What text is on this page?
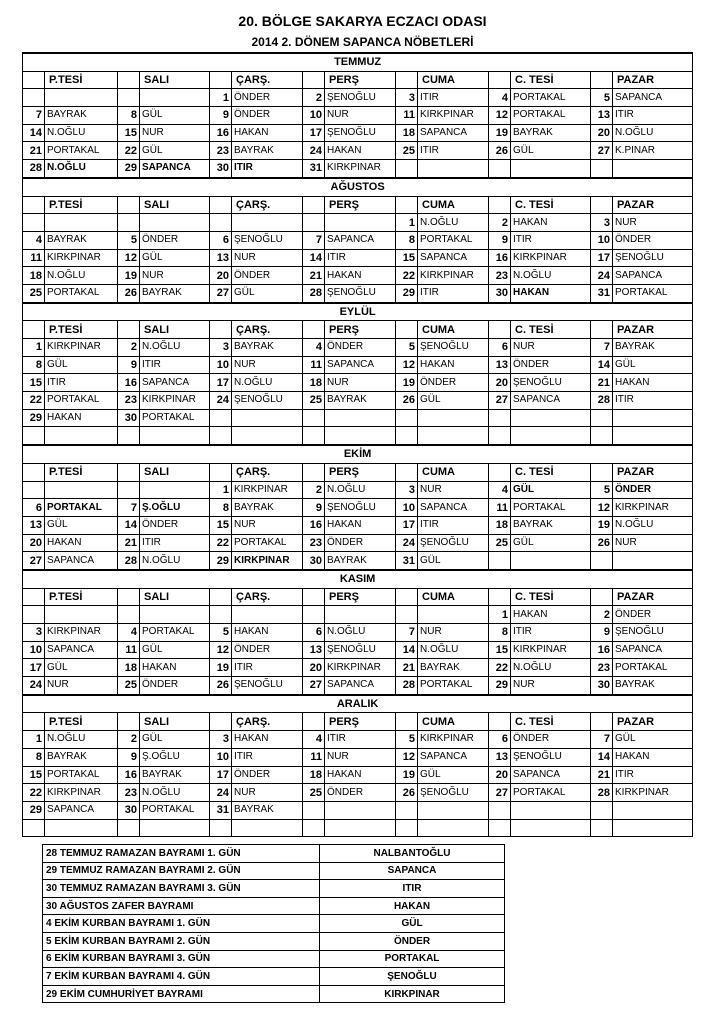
20. BÖLGE SAKARYA ECZACI ODASI
2014 2. DÖNEM SAPANCA NÖBETLERİ
TEMMUZ														
	P.TESİ		SALI		ÇARŞ.		PERŞ		CUMA		C. TESİ		PAZAR	
				1	ÖNDER	2	ŞENOĞLU	3	ITIR	4	PORTAKAL	5	SAPANCA		
7	BAYRAK	8	GÜL	9	ÖNDER	10	NUR	11	KIRKPINAR	12	PORTAKAL	13	ITIR	
14	N.OĞLU	15	NUR	16	HAKAN	17	ŞENOĞLU	18	SAPANCA	19	BAYRAK	20	N.OĞLU	
21	PORTAKAL	22	GÜL	23	BAYRAK	24	HAKAN	25	ITIR	26	GÜL	27	K.PINAR	
28	N.OĞLU	29	SAPANCA	30	ITIR	31	KIRKPINAR							
AĞUSTOS														
	P.TESİ		SALI		ÇARŞ.		PERŞ		CUMA		C. TESİ		PAZAR	
								1	N.OĞLU	2	HAKAN	3	NUR	
4	BAYRAK	5	ÖNDER	6	ŞENOĞLU	7	SAPANCA	8	PORTAKAL	9	ITIR	10	ÖNDER	
11	KIRKPINAR	12	GÜL	13	NUR	14	ITIR	15	SAPANCA	16	KIRKPINAR	17	ŞENOĞLU	
18	N.OĞLU	19	NUR	20	ÖNDER	21	HAKAN	22	KIRKPINAR	23	N.OĞLU	24	SAPANCA	
25	PORTAKAL	26	BAYRAK	27	GÜL	28	ŞENOĞLU	29	ITIR	30	HAKAN	31	PORTAKAL	
EYLÜL														
	P.TESİ		SALI		ÇARŞ.		PERŞ		CUMA		C. TESİ		PAZAR	
1	KIRKPINAR	2	N.OĞLU	3	BAYRAK	4	ÖNDER	5	ŞENOĞLU	6	NUR	7	BAYRAK	
8	GÜL	9	ITIR	10	NUR	11	SAPANCA	12	HAKAN	13	ÖNDER	14	GÜL	
15	ITIR	16	SAPANCA	17	N.OĞLU	18	NUR	19	ÖNDER	20	ŞENOĞLU	21	HAKAN	
22	PORTAKAL	23	KIRKPINAR	24	ŞENOĞLU	25	BAYRAK	26	GÜL	27	SAPANCA	28	ITIR	
29	HAKAN	30	PORTAKAL											

EKİM														
	P.TESİ		SALI		ÇARŞ.		PERŞ		CUMA		C. TESİ		PAZAR	
				1	KIRKPINAR	2	N.OĞLU	3	NUR	4	GÜL	5	ÖNDER	
6	PORTAKAL	7	Ş.OĞLU	8	BAYRAK	9	ŞENOĞLU	10	SAPANCA	11	PORTAKAL	12	KIRKPINAR	
13	GÜL	14	ÖNDER	15	NUR	16	HAKAN	17	ITIR	18	BAYRAK	19	N.OĞLU	
20	HAKAN	21	ITIR	22	PORTAKAL	23	ÖNDER	24	ŞENOĞLU	25	GÜL	26	NUR	
27	SAPANCA	28	N.OĞLU	29	KIRKPINAR	30	BAYRAK	31	GÜL					
KASIM														
	P.TESİ		SALI		ÇARŞ.		PERŞ		CUMA		C. TESİ		PAZAR	
										1	HAKAN	2	ÖNDER	
3	KIRKPINAR	4	PORTAKAL	5	HAKAN	6	N.OĞLU	7	NUR	8	ITIR	9	ŞENOĞLU	
10	SAPANCA	11	GÜL	12	ÖNDER	13	ŞENOĞLU	14	N.OĞLU	15	KIRKPINAR	16	SAPANCA	
17	GÜL	18	HAKAN	19	ITIR	20	KIRKPINAR	21	BAYRAK	22	N.OĞLU	23	PORTAKAL	
24	NUR	25	ÖNDER	26	ŞENOĞLU	27	SAPANCA	28	PORTAKAL	29	NUR	30	BAYRAK	
ARALIK														
	P.TESİ		SALI		ÇARŞ.		PERŞ		CUMA		C. TESİ		PAZAR	
1	N.OĞLU	2	GÜL	3	HAKAN	4	ITIR	5	KIRKPINAR	6	ÖNDER	7	GÜL	
8	BAYRAK	9	Ş.OĞLU	10	ITIR	11	NUR	12	SAPANCA	13	ŞENOĞLU	14	HAKAN	
15	PORTAKAL	16	BAYRAK	17	ÖNDER	18	HAKAN	19	GÜL	20	SAPANCA	21	ITIR	
22	KIRKPINAR	23	N.OĞLU	24	NUR	25	ÖNDER	26	ŞENOĞLU	27	PORTAKAL	28	KIRKPINAR	
29	SAPANCA	30	PORTAKAL	31	BAYRAK									

28 TEMMUZ RAMAZAN BAYRAMI 1. GÜN	NALBANTOĞLU
29 TEMMUZ RAMAZAN BAYRAMI 2. GÜN	SAPANCA
30 TEMMUZ RAMAZAN BAYRAMI 3. GÜN	ITIR
30 AĞUSTOS ZAFER BAYRAMI	HAKAN
4 EKİM KURBAN BAYRAMI 1. GÜN	GÜL
5 EKİM KURBAN BAYRAMI 2. GÜN	ÖNDER
6 EKİM KURBAN BAYRAMI 3. GÜN	PORTAKAL
7 EKİM KURBAN BAYRAMI 4. GÜN	ŞENOĞLU
29 EKİM CUMHURİYET BAYRAMI	KIRKPINAR
